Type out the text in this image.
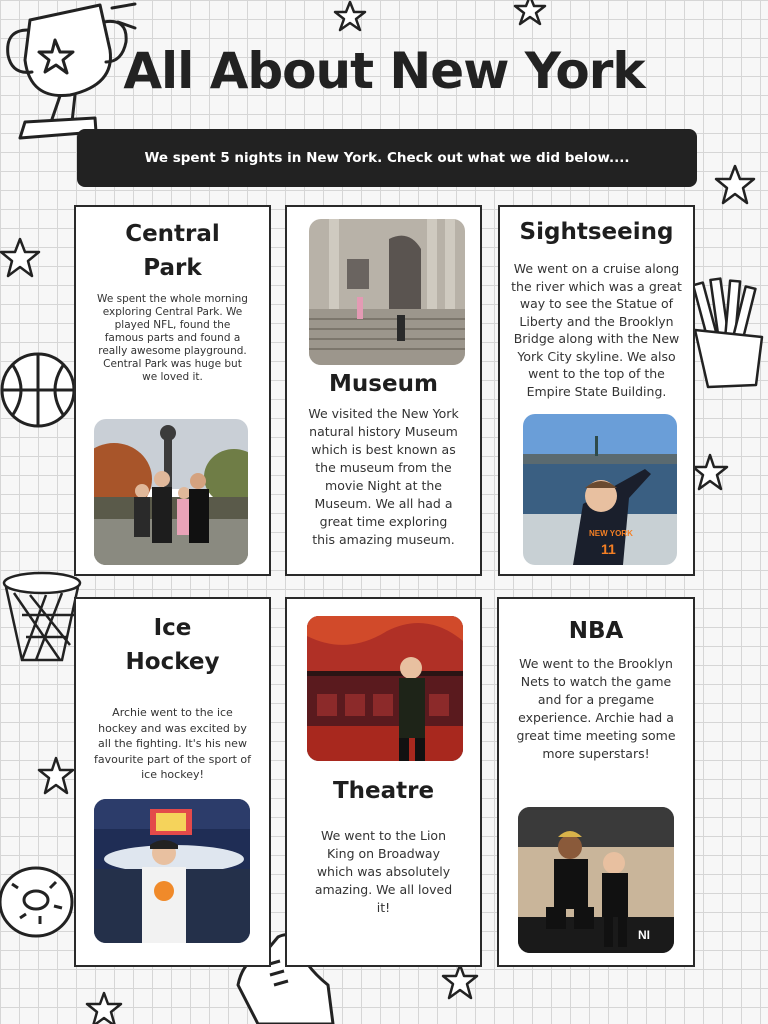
All About New York
We spent 5 nights in New York. Check out what we did below....
Central
Park

We spent the whole morning exploring Central Park. We played NFL, found the famous parts and found a really awesome playground. Central Park was huge but we loved it.	Museum

We visited the New York natural history Museum which is best known as the museum from the movie Night at the Museum. We all had a great time exploring this amazing museum.

Sightseeing

We went on a cruise along the river which was a great way to see the Statue of Liberty and the Brooklyn Bridge along with the New York City skyline. We also went to the top of the Empire State Building.

NEW YORK
11
Ice
Hockey

Archie went to the ice hockey and was excited by all the fighting. It's his new favourite part of the sport of ice hockey!

Theatre

We went to the Lion King on Broadway which was absolutely amazing. We all loved it!

NBA

We went to the Brooklyn Nets to watch the game and for a pregame experience. Archie had a great time meeting some more superstars!

NI
